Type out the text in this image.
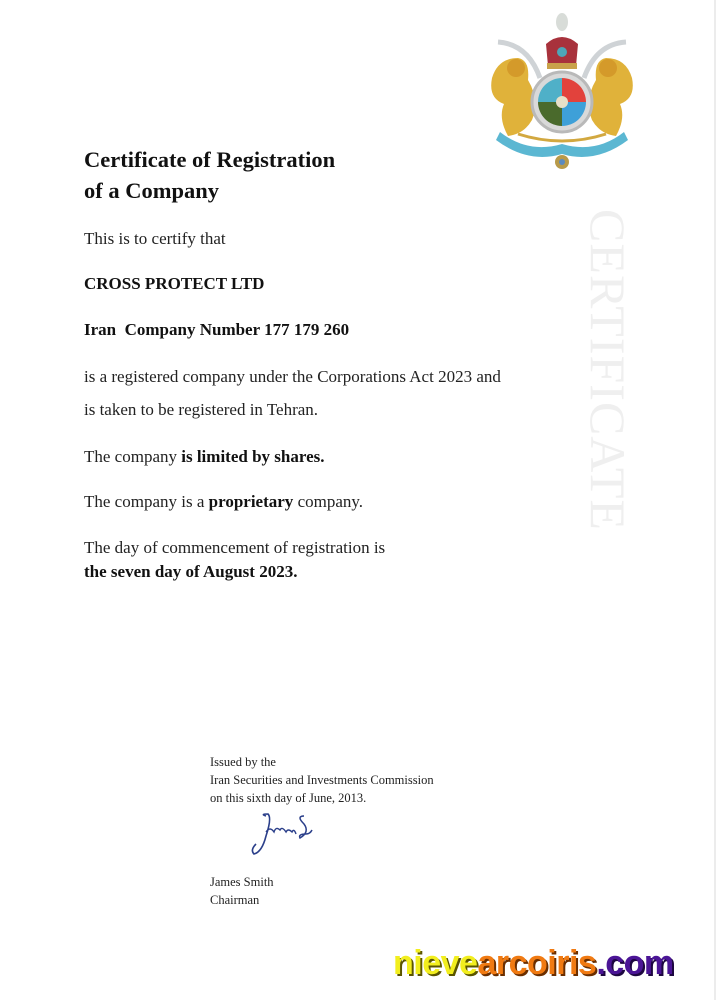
CERTIFICATE
Certificate of Registration
of a Company

This is to certify that

CROSS PROTECT LTD

Iran  Company Number 177 179 260

is a registered company under the Corporations Act 2023 and

is taken to be registered in Tehran.

The company is limited by shares.

The company is a proprietary company.

The day of commencement of registration is

the seven day of August 2023.

Issued by the
Iran Securities and Investments Commission
on this sixth day of June, 2013.
James Smith
Chairman
nievearcoiris.com
